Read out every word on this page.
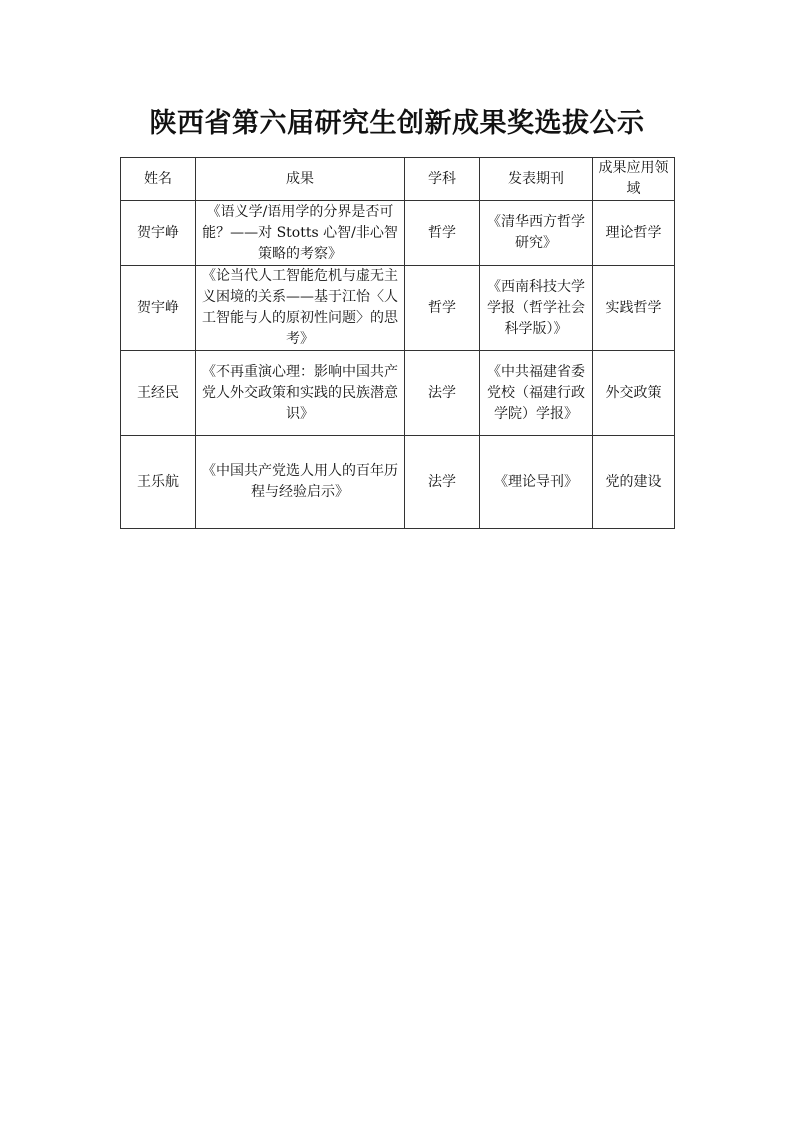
陕西省第六届研究生创新成果奖选拔公示
姓名	成果	学科	发表期刊	成果应用领域
贺宇峥	《语义学/语用学的分界是否可能？——对 Stotts 心智/非心智策略的考察》	哲学	《清华西方哲学研究》	理论哲学
贺宇峥	《论当代人工智能危机与虚无主义困境的关系——基于江怡〈人工智能与人的原初性问题〉的思考》	哲学	《西南科技大学学报（哲学社会科学版）》	实践哲学
王经民	《不再重演心理：影响中国共产党人外交政策和实践的民族潜意识》	法学	《中共福建省委党校（福建行政学院）学报》	外交政策
王乐航	《中国共产党选人用人的百年历程与经验启示》	法学	《理论导刊》	党的建设
